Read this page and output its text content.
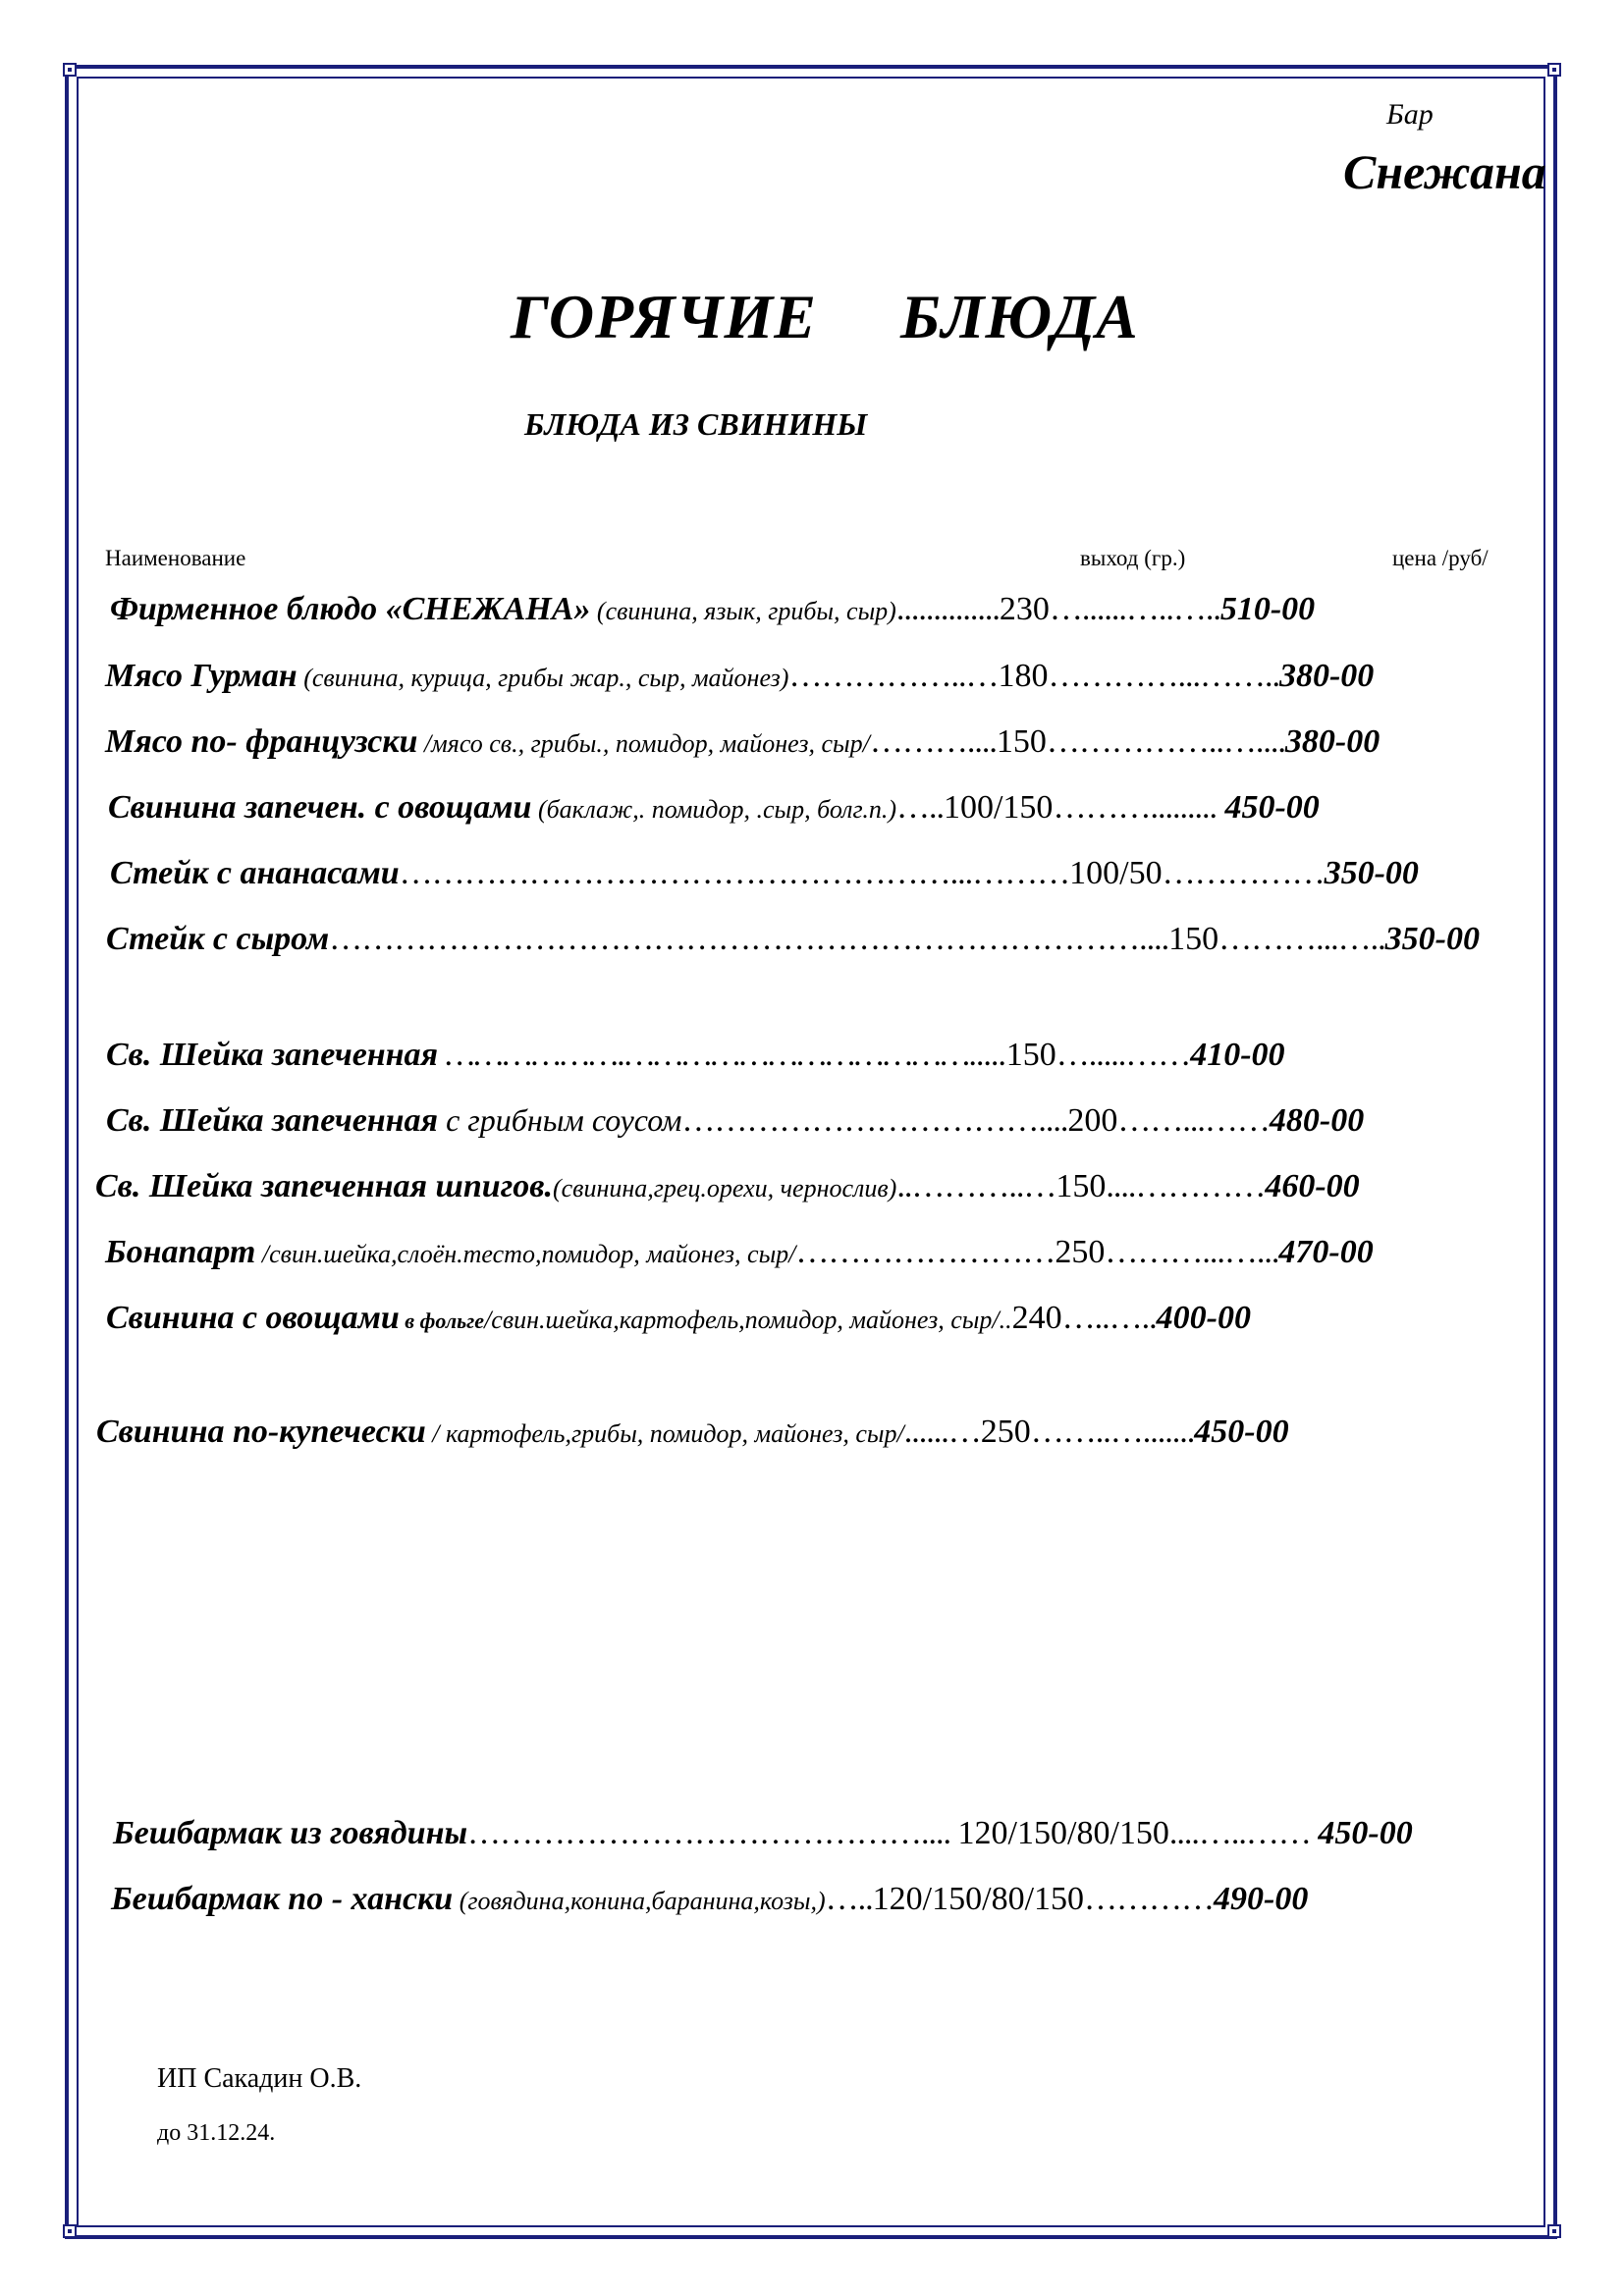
Бар
Снежана
ГОРЯЧИЕ     БЛЮДА
БЛЮДА ИЗ СВИНИНЫ
Наименование	выход (гр.)	цена /руб/
Фирменное блюдо «СНЕЖАНА» (свинина, язык, грибы, сыр)..............230…......…..…..510-00
Мясо Гурман (свинина, курица, грибы жар., сыр, майонез)……………..…180…………...……..380-00
Мясо по- французски /мясо св., грибы., помидор, майонез, сыр/………....150……………..…....380-00
Свинина запечен. с овощами (баклаж,. помидор, .сыр, болг.п.)…..100/150………......... 450-00
Стейк с ананасами……………………………………………...………100/50……………350-00
Стейк с сыром…………………………………………………………………....150………...…..350-00
Св. Шейка запеченная ……………….……………………………….....150….....……410-00
Св. Шейка запеченная с грибным соусом……………………………....200……...……480-00
Св. Шейка запеченная шпигов.(свинина,грец.орехи, чернослив)..………..…150....…………460-00
Бонапарт /свин.шейка,слоён.тесто,помидор, майонез, сыр/……………………250………...…...470-00
Свинина с овощами в фольге/свин.шейка,картофель,помидор, майонез, сыр/..240…..…..400-00
Свинина по-купечески / картофель,грибы, помидор, майонез, сыр/......…250……..….......450-00
Бешбармак из говядины…………………………………….... 120/150/80/150....…..…… 450-00
Бешбармак по - хански (говядина,конина,баранина,козы,)…..120/150/80/150…………490-00
ИП Сакадин О.В.
до 31.12.24.
